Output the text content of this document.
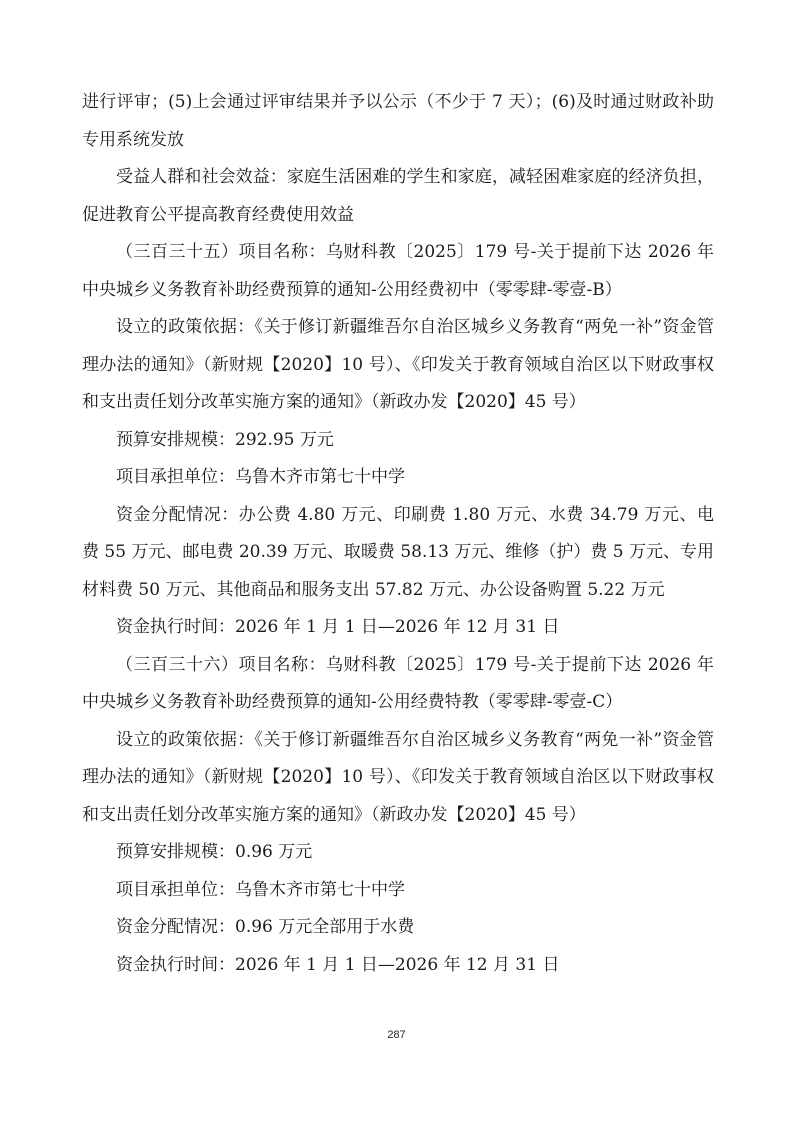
进行评审；(5)上会通过评审结果并予以公示（不少于 7 天）；(6)及时通过财政补助专用系统发放

受益人群和社会效益：家庭生活困难的学生和家庭，减轻困难家庭的经济负担，促进教育公平提高教育经费使用效益

（三百三十五）项目名称：乌财科教〔2025〕179 号-关于提前下达 2026 年中央城乡义务教育补助经费预算的通知-公用经费初中（零零肆-零壹-B）

设立的政策依据：《关于修订新疆维吾尔自治区城乡义务教育“两免一补”资金管理办法的通知》（新财规【2020】10 号）、《印发关于教育领域自治区以下财政事权和支出责任划分改革实施方案的通知》（新政办发【2020】45 号）

预算安排规模：292.95 万元

项目承担单位：乌鲁木齐市第七十中学

资金分配情况：办公费 4.80 万元、印刷费 1.80 万元、水费 34.79 万元、电费 55 万元、邮电费 20.39 万元、取暖费 58.13 万元、维修（护）费 5 万元、专用材料费 50 万元、其他商品和服务支出 57.82 万元、办公设备购置 5.22 万元

资金执行时间：2026 年 1 月 1 日—2026 年 12 月 31 日

（三百三十六）项目名称：乌财科教〔2025〕179 号-关于提前下达 2026 年中央城乡义务教育补助经费预算的通知-公用经费特教（零零肆-零壹-C）

设立的政策依据：《关于修订新疆维吾尔自治区城乡义务教育“两免一补”资金管理办法的通知》（新财规【2020】10 号）、《印发关于教育领域自治区以下财政事权和支出责任划分改革实施方案的通知》（新政办发【2020】45 号）

预算安排规模：0.96 万元

项目承担单位：乌鲁木齐市第七十中学

资金分配情况：0.96 万元全部用于水费

资金执行时间：2026 年 1 月 1 日—2026 年 12 月 31 日

287
